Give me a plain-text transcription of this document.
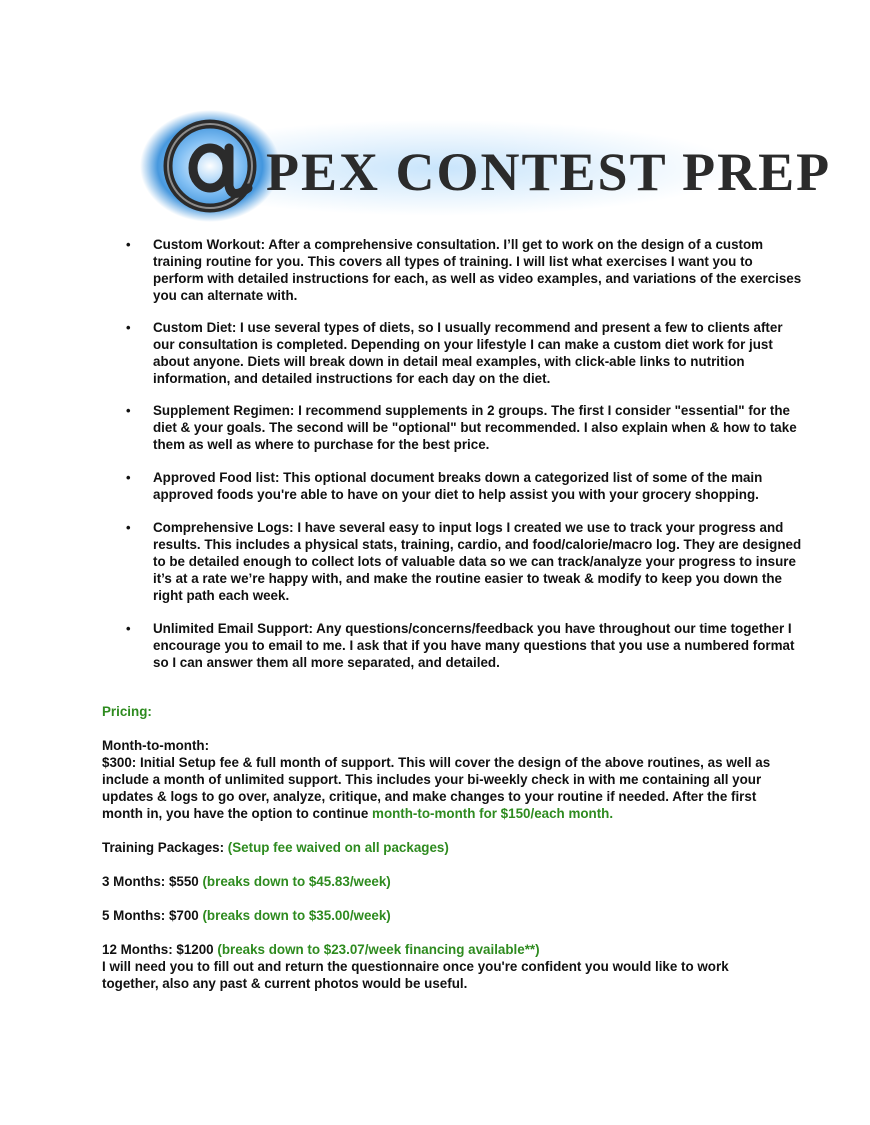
PEX CONTEST PREP
• Custom Workout: After a comprehensive consultation. I’ll get to work on the design of a custom training routine for you. This covers all types of training. I will list what exercises I want you to perform with detailed instructions for each, as well as video examples, and variations of the exercises you can alternate with.
• Custom Diet: I use several types of diets, so I usually recommend and present a few to clients after our consultation is completed. Depending on your lifestyle I can make a custom diet work for just about anyone. Diets will break down in detail meal examples, with click-able links to nutrition information, and detailed instructions for each day on the diet.
• Supplement Regimen: I recommend supplements in 2 groups. The first I consider "essential" for the diet & your goals. The second will be "optional" but recommended. I also explain when & how to take them as well as where to purchase for the best price.
• Approved Food list: This optional document breaks down a categorized list of some of the main approved foods you're able to have on your diet to help assist you with your grocery shopping.
• Comprehensive Logs: I have several easy to input logs I created we use to track your progress and results. This includes a physical stats, training, cardio, and food/calorie/macro log. They are designed to be detailed enough to collect lots of valuable data so we can track/analyze your progress to insure it’s at a rate we’re happy with, and make the routine easier to tweak & modify to keep you down the right path each week.
• Unlimited Email Support: Any questions/concerns/feedback you have throughout our time together I encourage you to email to me. I ask that if you have many questions that you use a numbered format so I can answer them all more separated, and detailed.

Pricing:

Month-to-month:

$300: Initial Setup fee & full month of support. This will cover the design of the above routines, as well as include a month of unlimited support. This includes your bi-weekly check in with me containing all your updates & logs to go over, analyze, critique, and make changes to your routine if needed. After the first month in, you have the option to continue month-to-month for $150/each month.

Training Packages: (Setup fee waived on all packages)

3 Months: $550 (breaks down to $45.83/week)

5 Months: $700 (breaks down to $35.00/week)

12 Months: $1200 (breaks down to $23.07/week financing available**)

I will need you to fill out and return the questionnaire once you're confident you would like to work together, also any past & current photos would be useful.
